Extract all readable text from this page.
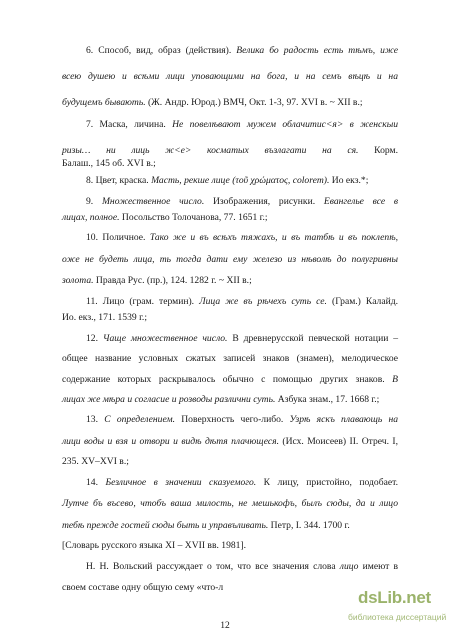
6. Способ, вид, образ (действия). Велика бо радость есть тѣмъ, иже
всею душею и всѣми лици уповающими на бога, и на семъ вѣцѣ и на
будущемъ бывають. (Ж. Андр. Юрод.) ВМЧ, Окт. 1-3, 97. XVI в. ~ XII в.;
7. Маска, личина. Не повелѣвают мужем облачитис<я> в женскыи
ризы… ни лиць ж<е> косматых възлагати на ся. Корм.
Балаш., 145 об. XVI в.;
8. Цвет, краска. Масть, рекше лице (τοῦ χρώματος, colorem). Ио екз.*;
9. Множественное число. Изображения, рисунки. Евангелье все в
лицах, полное. Посольство Толочанова, 77. 1651 г.;
10. Поличное. Тако же и въ всѣхъ тяжахъ, и въ татбѣ и въ поклепѣ,
оже не будеть лица, ть тогда дати ему железо из нѣволѣ до полугривны
золота. Правда Рус. (пр.), 124. 1282 г. ~ XII в.;
11. Лицо (грам. термин). Лица же въ рѣчехъ суть се. (Грам.) Калайд.
Ио. екз., 171. 1539 г.;
12. Чаще множественное число. В древнерусской певческой нотации –
общее название условных сжатых записей знаков (знамен), мелодическое
содержание которых раскрывалось обычно с помощью других знаков. В
лицах же мѣра и согласие и розводы различни суть. Азбука знам., 17. 1668 г.;
13. С определением. Поверхность чего-либо. Узрѣ яскъ плавающь на
лици воды и взя и отвори и видѣ дѣтя плачющеся. (Исх. Моисеев) II. Отреч. I,
235. XV–XVI в.;
14. Безличное в значении сказуемого. К лицу, пристойно, подобает.
Лутче бъ въсево, чтобъ ваша милость, не мешькофъ, былъ сюды, да и лицо
тебѣ прежде гостей сюды быть и управъливать. Петр, I. 344. 1700 г.
[Словарь русского языка XI – XVII вв. 1981].
Н. Н. Вольский рассуждает о том, что все значения слова лицо имеют в
своем составе одну общую сему «что-л
12
dsLib.net
библиотека диссертаций
